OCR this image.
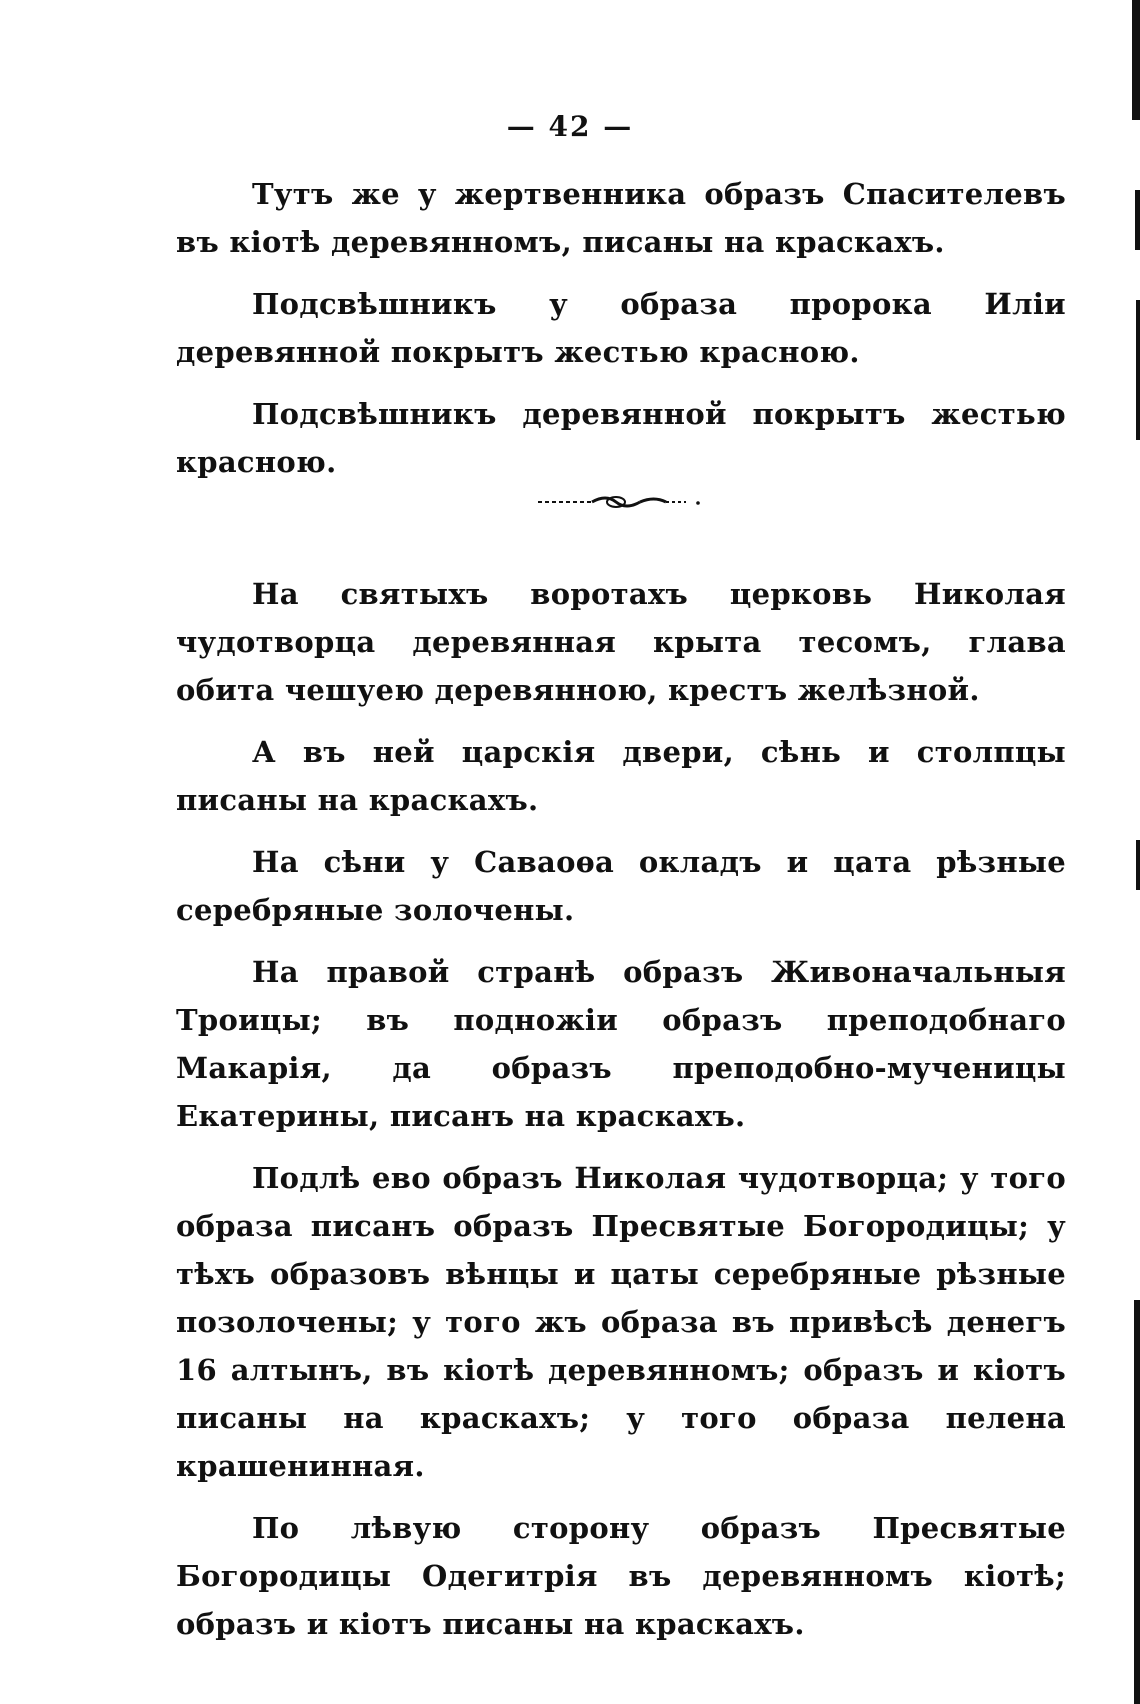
— 42 —

Тутъ же у жертвенника образъ Спасителевъ въ кіотѣ деревянномъ, писаны на краскахъ.

Подсвѣшникъ у образа пророка Иліи деревянной покрытъ жестью красною.

Подсвѣшникъ деревянной покрытъ жестью красною.

На святыхъ воротахъ церковь Николая чудотворца деревянная крыта тесомъ, глава обита чешуею деревянною, крестъ желѣзной.

А въ ней царскія двери, сѣнь и столпцы писаны на краскахъ.

На сѣни у Саваоѳа окладъ и цата рѣзные серебряные золочены.

На правой странѣ образъ Живоначальныя Троицы; въ подножіи образъ преподобнаго Макарія, да образъ преподобно-мученицы Екатерины, писанъ на краскахъ.

Подлѣ ево образъ Николая чудотворца; у того образа писанъ образъ Пресвятые Богородицы; у тѣхъ образовъ вѣнцы и цаты серебряные рѣзные позолочены; у того жъ образа въ привѣсѣ денегъ 16 алтынъ, въ кіотѣ деревянномъ; образъ и кіотъ писаны на краскахъ; у того образа пелена крашенинная.

По лѣвую сторону образъ Пресвятые Богородицы Одегитрія въ деревянномъ кіотѣ; образъ и кіотъ писаны на краскахъ.
